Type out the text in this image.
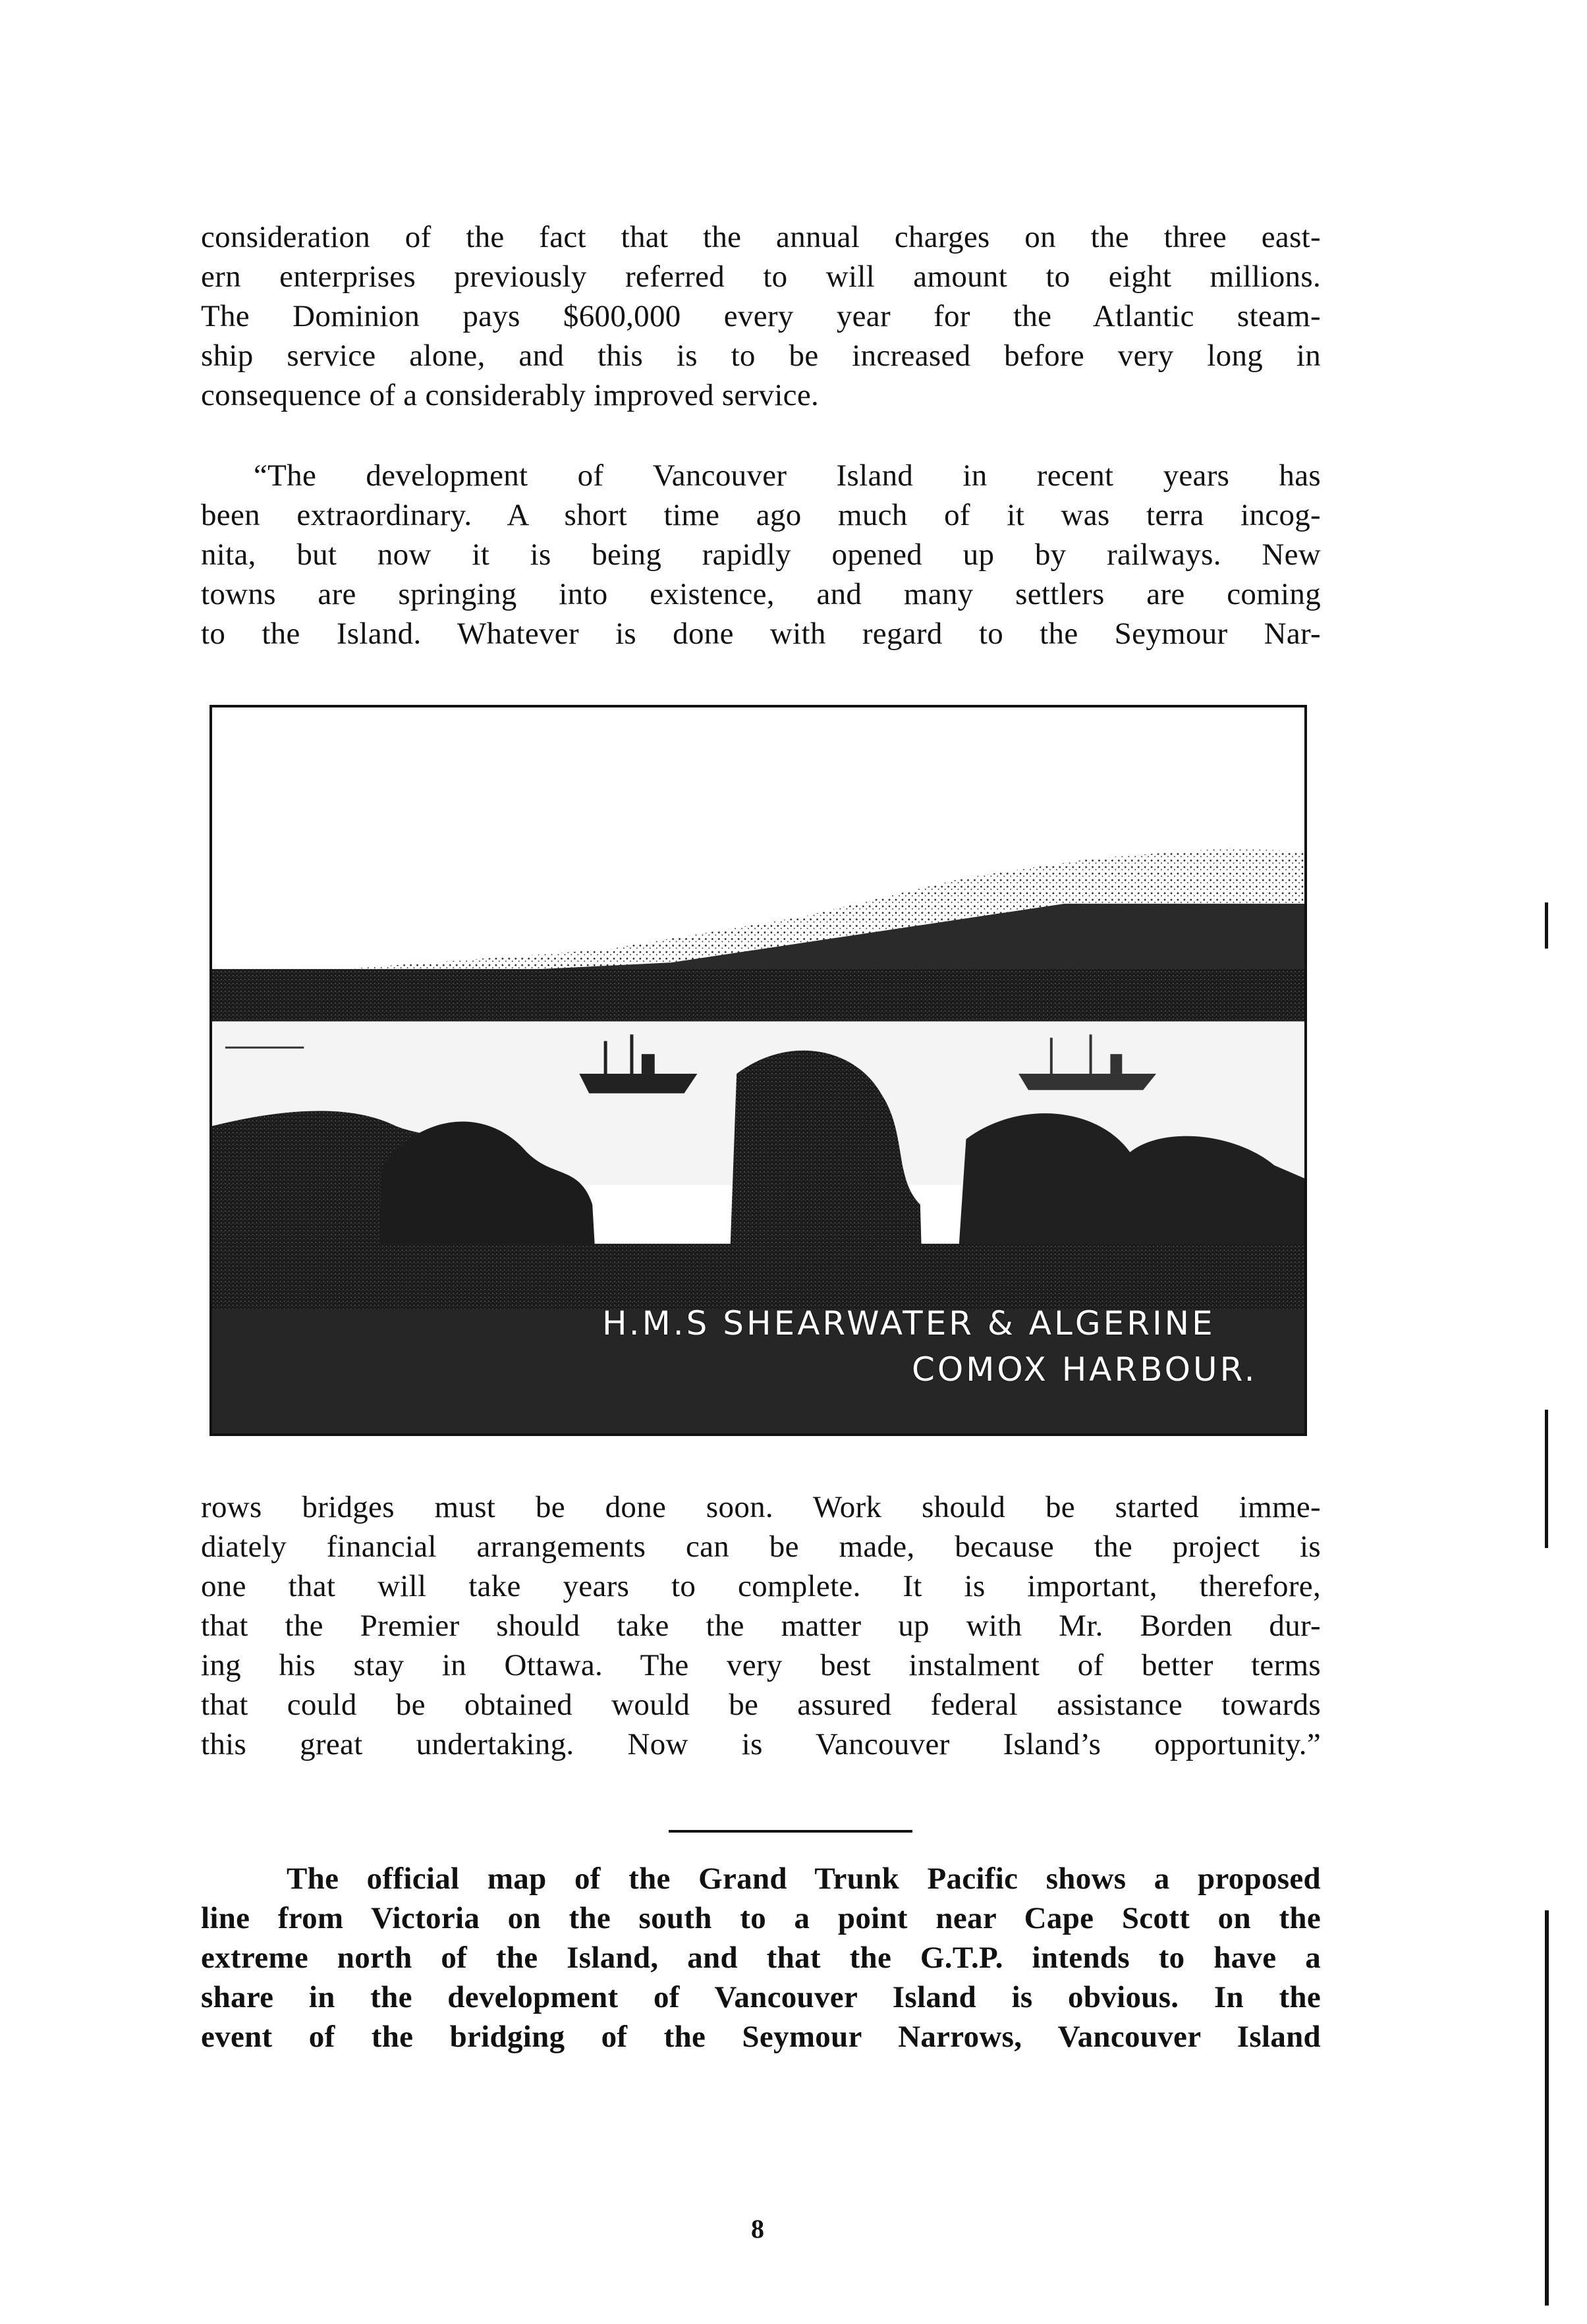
consideration of the fact that the annual charges on the three east-
ern enterprises previously referred to will amount to eight millions.
The Dominion pays $600,000 every year for the Atlantic steam-
ship service alone, and this is to be increased before very long in
consequence of a considerably improved service.
“The development of Vancouver Island in recent years has
been extraordinary. A short time ago much of it was terra incog-
nita, but now it is being rapidly opened up by railways. New
towns are springing into existence, and many settlers are coming
to the Island. Whatever is done with regard to the Seymour Nar-
H.M.S SHEARWATER & ALGERINE
COMOX HARBOUR.
rows bridges must be done soon. Work should be started imme-
diately financial arrangements can be made, because the project is
one that will take years to complete. It is important, therefore,
that the Premier should take the matter up with Mr. Borden dur-
ing his stay in Ottawa. The very best instalment of better terms
that could be obtained would be assured federal assistance towards
this great undertaking. Now is Vancouver Island’s opportunity.”
The official map of the Grand Trunk Pacific shows a proposed
line from Victoria on the south to a point near Cape Scott on the
extreme north of the Island, and that the G.T.P. intends to have a
share in the development of Vancouver Island is obvious. In the
event of the bridging of the Seymour Narrows, Vancouver Island
8
